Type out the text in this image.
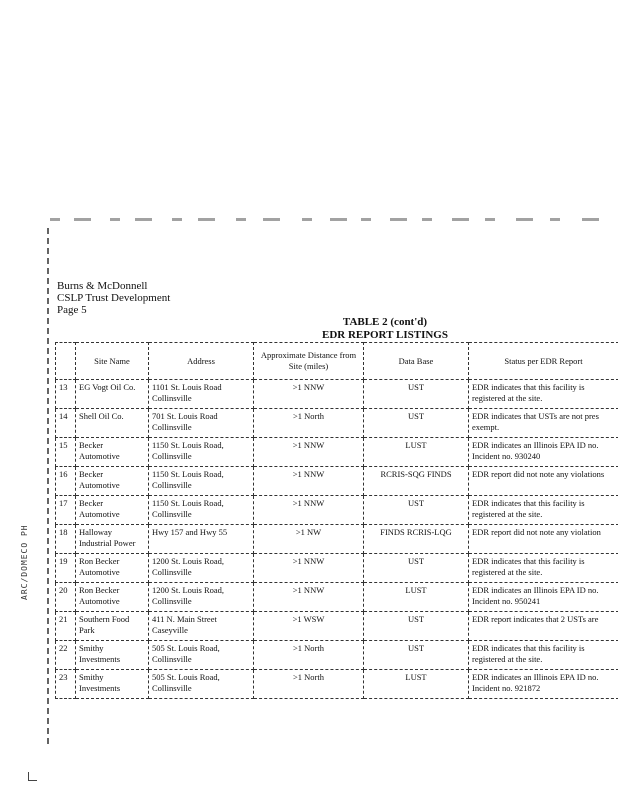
ARC/DOMECO PH
Burns & McDonnell
CSLP Trust Development
Page 5
TABLE 2 (cont'd)
EDR REPORT LISTINGS
	Site Name	Address	Approximate Distance from Site (miles)	Data Base	Status per EDR Report
13	EG Vogt Oil Co.	1101 St. Louis Road Collinsville	>1 NNW	UST	EDR indicates that this facility is registered at the site.
14	Shell Oil Co.	701 St. Louis Road Collinsville	>1 North	UST	EDR indicates that USTs are not pres exempt.
15	Becker Automotive	1150 St. Louis Road, Collinsville	>1 NNW	LUST	EDR indicates an Illinois EPA ID no. Incident no. 930240
16	Becker Automotive	1150 St. Louis Road, Collinsville	>1 NNW	RCRIS-SQG FINDS	EDR report did not note any violations
17	Becker Automotive	1150 St. Louis Road, Collinsville	>1 NNW	UST	EDR indicates that this facility is registered at the site.
18	Halloway Industrial Power	Hwy 157 and Hwy 55	>1 NW	FINDS RCRIS-LQG	EDR report did not note any violation
19	Ron Becker Automotive	1200 St. Louis Road, Collinsville	>1 NNW	UST	EDR indicates that this facility is registered at the site.
20	Ron Becker Automotive	1200 St. Louis Road, Collinsville	>1 NNW	LUST	EDR indicates an Illinois EPA ID no. Incident no. 950241
21	Southern Food Park	411 N. Main Street Caseyville	>1 WSW	UST	EDR report indicates that 2 USTs are
22	Smithy Investments	505 St. Louis Road, Collinsville	>1 North	UST	EDR indicates that this facility is registered at the site.
23	Smithy Investments	505 St. Louis Road, Collinsville	>1 North	LUST	EDR indicates an Illinois EPA ID no. Incident no. 921872
